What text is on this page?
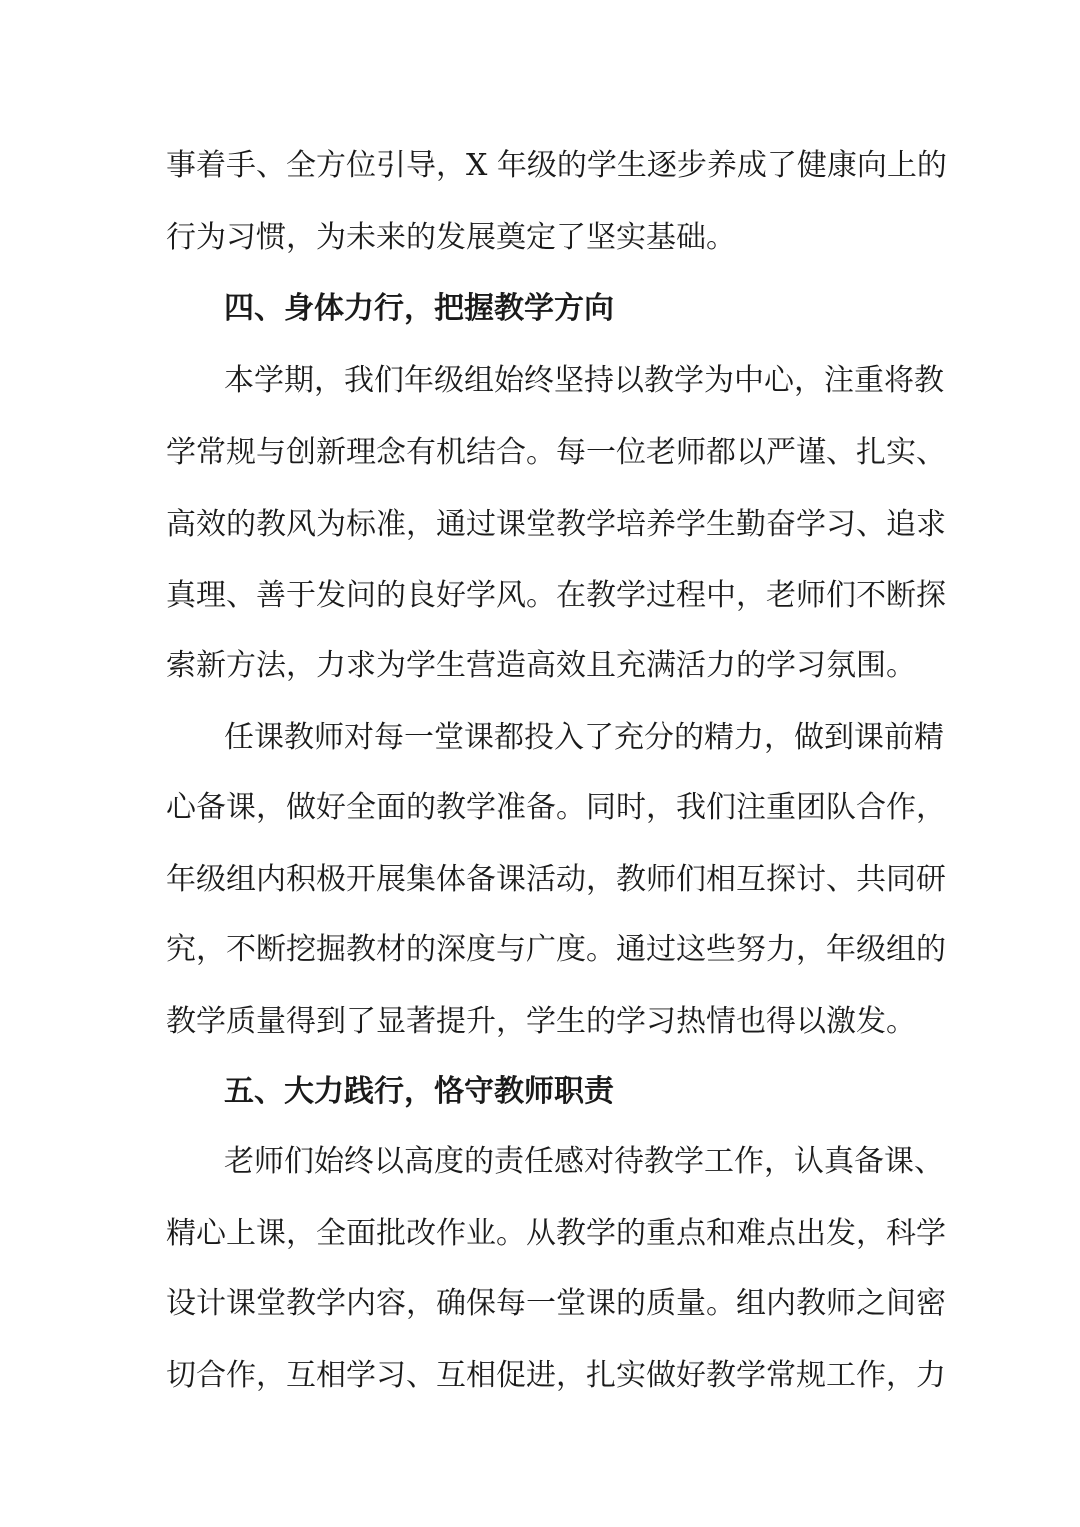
事着手、全方位引导，X 年级的学生逐步养成了健康向上的
行为习惯，为未来的发展奠定了坚实基础。
四、身体力行，把握教学方向
本学期，我们年级组始终坚持以教学为中心，注重将教
学常规与创新理念有机结合。每一位老师都以严谨、扎实、
高效的教风为标准，通过课堂教学培养学生勤奋学习、追求
真理、善于发问的良好学风。在教学过程中，老师们不断探
索新方法，力求为学生营造高效且充满活力的学习氛围。
任课教师对每一堂课都投入了充分的精力，做到课前精
心备课，做好全面的教学准备。同时，我们注重团队合作，
年级组内积极开展集体备课活动，教师们相互探讨、共同研
究，不断挖掘教材的深度与广度。通过这些努力，年级组的
教学质量得到了显著提升，学生的学习热情也得以激发。
五、大力践行，恪守教师职责
老师们始终以高度的责任感对待教学工作，认真备课、
精心上课，全面批改作业。从教学的重点和难点出发，科学
设计课堂教学内容，确保每一堂课的质量。组内教师之间密
切合作，互相学习、互相促进，扎实做好教学常规工作，力
